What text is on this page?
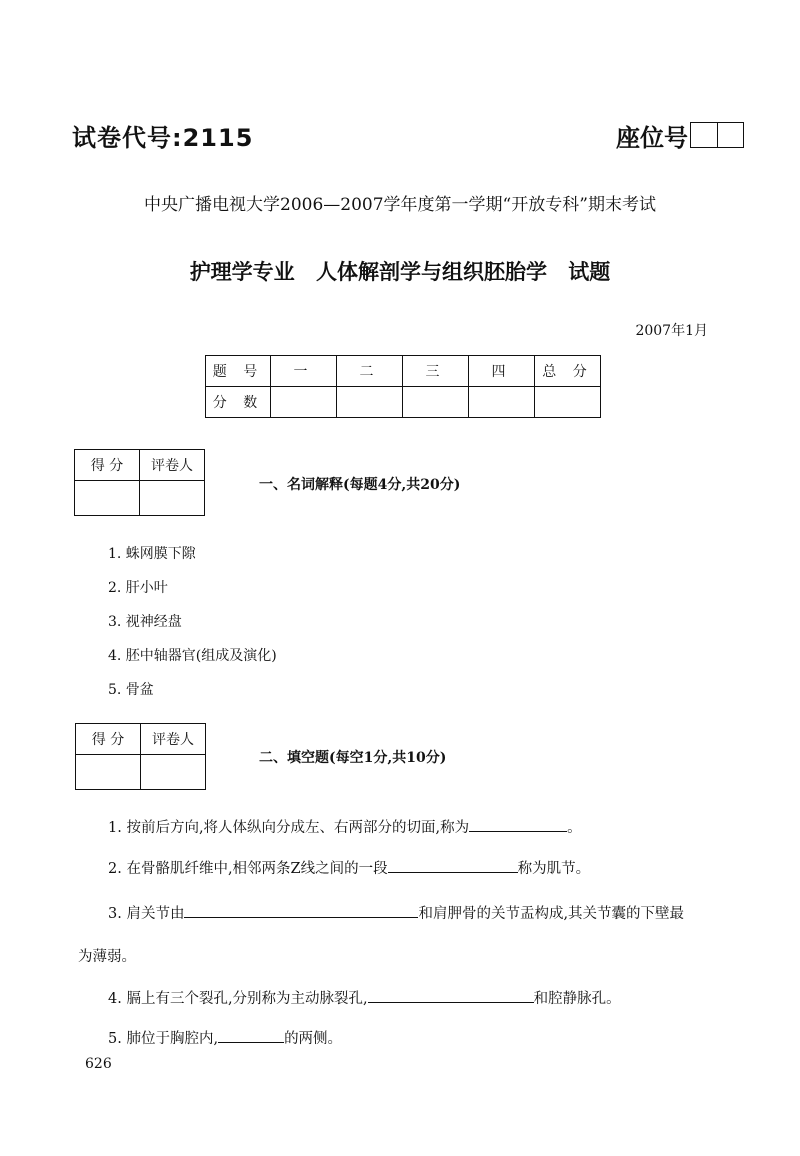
试卷代号:2115	座位号
中央广播电视大学2006—2007学年度第一学期“开放专科”期末考试
护理学专业 人体解剖学与组织胚胎学 试题
2007年1月
题 号	一	二	三	四	总 分
分 数					
得 分	评卷人

一、名词解释(每题4分,共20分)
1. 蛛网膜下隙
2. 肝小叶
3. 视神经盘
4. 胚中轴器官(组成及演化)
5. 骨盆
得 分	评卷人

二、填空题(每空1分,共10分)
1. 按前后方向,将人体纵向分成左、右两部分的切面,称为	。
2. 在骨骼肌纤维中,相邻两条Z线之间的一段	称为肌节。
3. 肩关节由	和肩胛骨的关节盂构成,其关节囊的下壁最
为薄弱。
4. 膈上有三个裂孔,分别称为主动脉裂孔,	和腔静脉孔。
5. 肺位于胸腔内,	的两侧。
626
